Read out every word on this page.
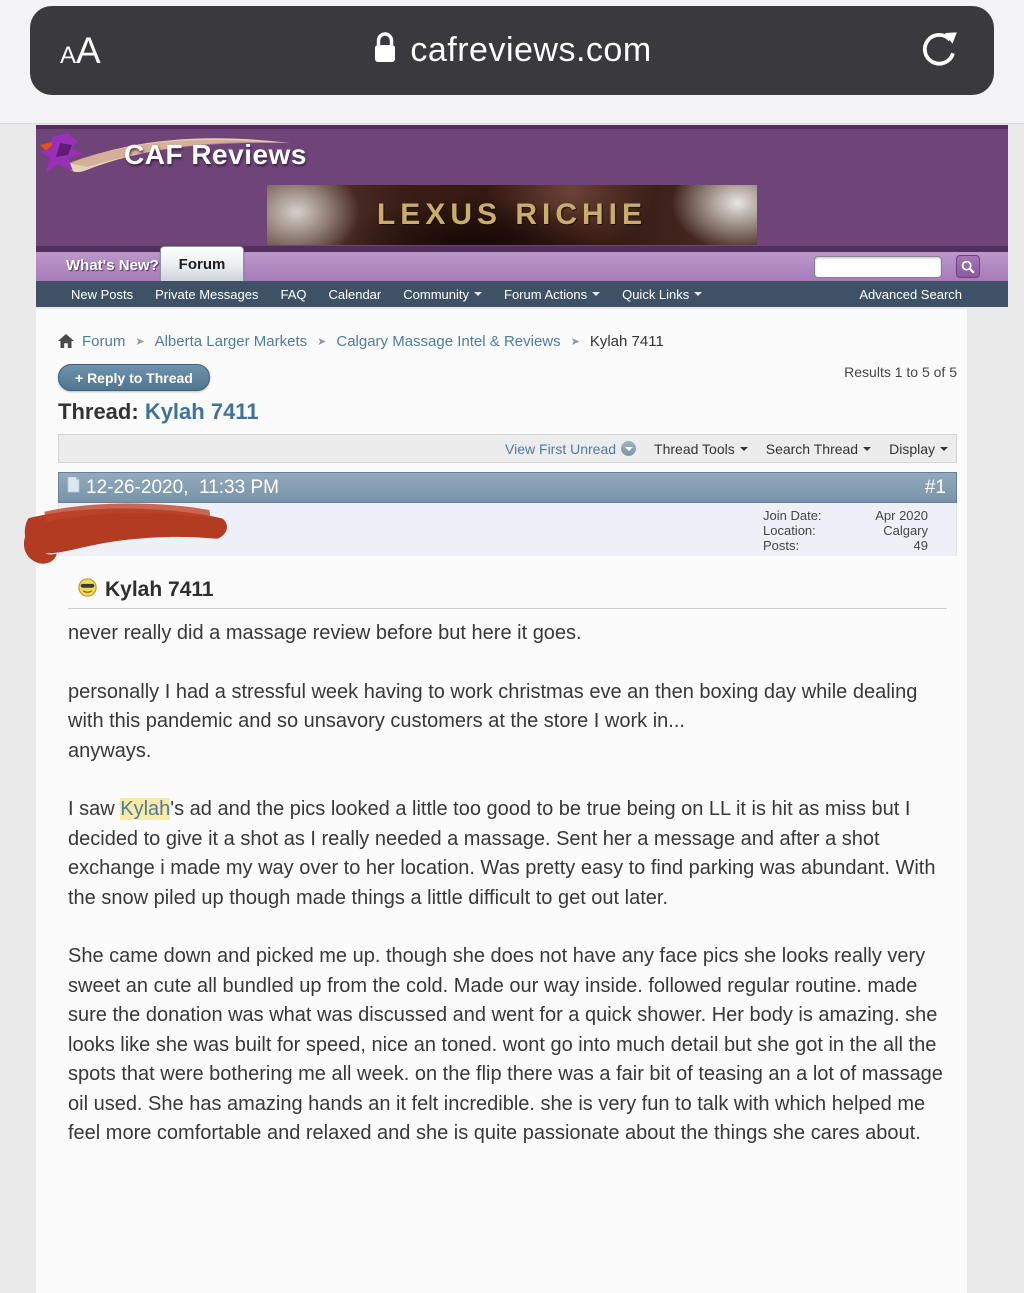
AA	cafreviews.com
CAF Reviews
LEXUS RICHIE
What's New?	Forum
New Posts Private Messages FAQ Calendar Community	Forum Actions	Quick Links	Advanced Search
Forum ➤ Alberta Larger Markets ➤ Calgary Massage Intel & Reviews ➤ Kylah 7411
+ Reply to Thread	Results 1 to 5 of 5
Thread: Kylah 7411
View First Unread	Thread Tools Search Thread Display
12-26-2020,  11:33 PM	#1
Join Date:	Apr 2020
Location:	Calgary
Posts:	49
Kylah 7411

never really did a massage review before but here it goes.

personally I had a stressful week having to work christmas eve an then boxing day while dealing with this pandemic and so unsavory customers at the store I work in...

anyways.

I saw Kylah's ad and the pics looked a little too good to be true being on LL it is hit as miss but I decided to give it a shot as I really needed a massage. Sent her a message and after a shot exchange i made my way over to her location. Was pretty easy to find parking was abundant. With the snow piled up though made things a little difficult to get out later.

She came down and picked me up. though she does not have any face pics she looks really very sweet an cute all bundled up from the cold. Made our way inside. followed regular routine. made sure the donation was what was discussed and went for a quick shower. Her body is amazing. she looks like she was built for speed, nice an toned. wont go into much detail but she got in the all the spots that were bothering me all week. on the flip there was a fair bit of teasing an a lot of massage oil used. She has amazing hands an it felt incredible. she is very fun to talk with which helped me feel more comfortable and relaxed and she is quite passionate about the things she cares about.
